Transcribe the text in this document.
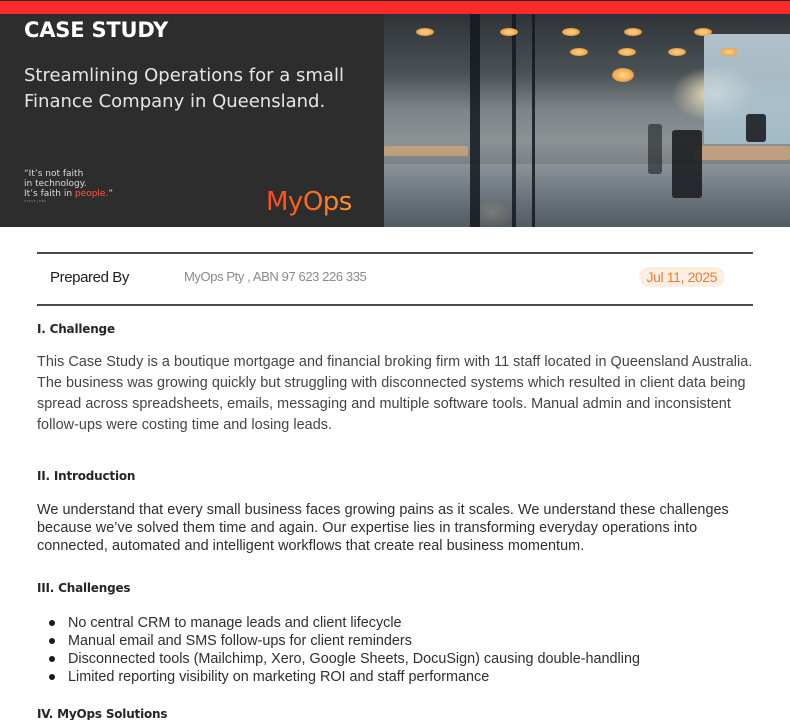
CASE STUDY

Streamlining Operations for a small Finance Company in Queensland.

“It’s not faith
in technology.
It’s faith in people.”
STEVE JOBS	MyOps
Prepared By	MyOps Pty , ABN 97 623 226 335	Jul 11, 2025
I. Challenge

This Case Study is a boutique mortgage and financial broking firm with 11 staff located in Queensland Australia. The business was growing quickly but struggling with disconnected systems which resulted in client data being spread across spreadsheets, emails, messaging and multiple software tools. Manual admin and inconsistent follow-ups were costing time and losing leads.

II. Introduction

We understand that every small business faces growing pains as it scales. We understand these challenges because we’ve solved them time and again. Our expertise lies in transforming everyday operations into connected, automated and intelligent workflows that create real business momentum.

III. Challenges
No central CRM to manage leads and client lifecycle
Manual email and SMS follow-ups for client reminders
Disconnected tools (Mailchimp, Xero, Google Sheets, DocuSign) causing double-handling
Limited reporting visibility on marketing ROI and staff performance
IV. MyOps Solutions
